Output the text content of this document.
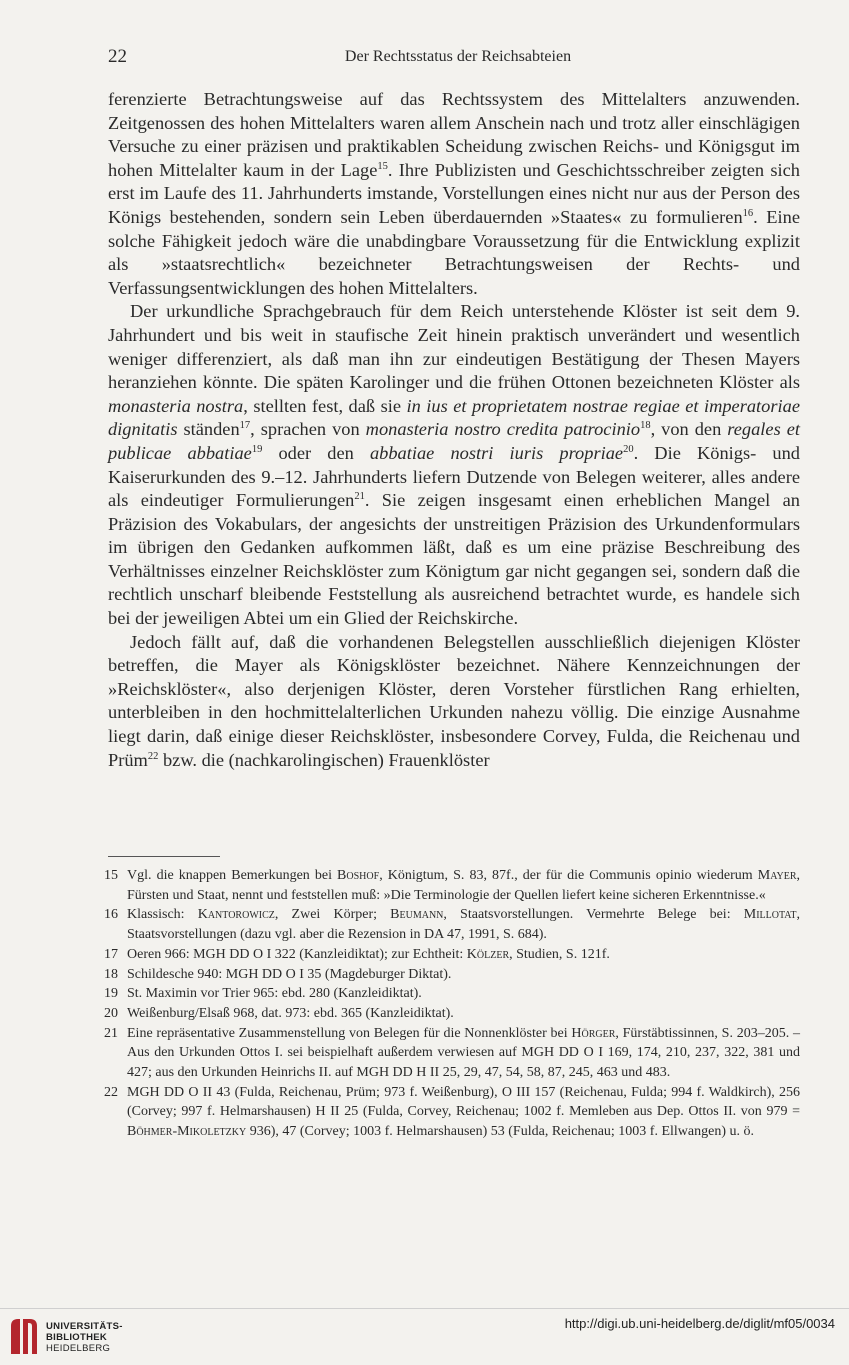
22	Der Rechtsstatus der Reichsabteien

ferenzierte Betrachtungsweise auf das Rechtssystem des Mittelalters anzuwenden. Zeitgenossen des hohen Mittelalters waren allem Anschein nach und trotz aller einschlägigen Versuche zu einer präzisen und praktikablen Scheidung zwischen Reichs- und Königsgut im hohen Mittelalter kaum in der Lage$^{15}$. Ihre Publizisten und Geschichtsschreiber zeigten sich erst im Laufe des 11. Jahrhunderts imstande, Vorstellungen eines nicht nur aus der Person des Königs bestehenden, sondern sein Leben überdauernden »Staates« zu formulieren$^{16}$. Eine solche Fähigkeit jedoch wäre die unabdingbare Voraussetzung für die Entwicklung explizit als »staatsrechtlich« bezeichneter Betrachtungsweisen der Rechts- und Verfassungsentwicklungen des hohen Mittelalters.

Der urkundliche Sprachgebrauch für dem Reich unterstehende Klöster ist seit dem 9. Jahrhundert und bis weit in staufische Zeit hinein praktisch unverändert und wesentlich weniger differenziert, als daß man ihn zur eindeutigen Bestätigung der Thesen Mayers heranziehen könnte. Die späten Karolinger und die frühen Ottonen bezeichneten Klöster als monasteria nostra, stellten fest, daß sie in ius et proprietatem nostrae regiae et imperatoriae dignitatis ständen$^{17}$, sprachen von monasteria nostro credita patrocinio$^{18}$, von den regales et publicae abbatiae$^{19}$ oder den abbatiae nostri iuris propriae$^{20}$. Die Königs- und Kaiserurkunden des 9.–12. Jahrhunderts liefern Dutzende von Belegen weiterer, alles andere als eindeutiger Formulierungen$^{21}$. Sie zeigen insgesamt einen erheblichen Mangel an Präzision des Vokabulars, der angesichts der unstreitigen Präzision des Urkundenformulars im übrigen den Gedanken aufkommen läßt, daß es um eine präzise Beschreibung des Verhältnisses einzelner Reichsklöster zum Königtum gar nicht gegangen sei, sondern daß die rechtlich unscharf bleibende Feststellung als ausreichend betrachtet wurde, es handele sich bei der jeweiligen Abtei um ein Glied der Reichskirche.

Jedoch fällt auf, daß die vorhandenen Belegstellen ausschließlich diejenigen Klöster betreffen, die Mayer als Königsklöster bezeichnet. Nähere Kennzeichnungen der »Reichsklöster«, also derjenigen Klöster, deren Vorsteher fürstlichen Rang erhielten, unterbleiben in den hochmittelalterlichen Urkunden nahezu völlig. Die einzige Ausnahme liegt darin, daß einige dieser Reichsklöster, insbesondere Corvey, Fulda, die Reichenau und Prüm$^{22}$ bzw. die (nachkarolingischen) Frauenklöster

15 Vgl. die knappen Bemerkungen bei Boshof, Königtum, S. 83, 87f., der für die Communis opinio wiederum Mayer, Fürsten und Staat, nennt und feststellen muß: »Die Terminologie der Quellen liefert keine sicheren Erkenntnisse.«
16 Klassisch: Kantorowicz, Zwei Körper; Beumann, Staatsvorstellungen. Vermehrte Belege bei: Millotat, Staatsvorstellungen (dazu vgl. aber die Rezension in DA 47, 1991, S. 684).
17 Oeren 966: MGH DD O I 322 (Kanzleidiktat); zur Echtheit: Kölzer, Studien, S. 121f.
18 Schildesche 940: MGH DD O I 35 (Magdeburger Diktat).
19 St. Maximin vor Trier 965: ebd. 280 (Kanzleidiktat).
20 Weißenburg/Elsaß 968, dat. 973: ebd. 365 (Kanzleidiktat).
21 Eine repräsentative Zusammenstellung von Belegen für die Nonnenklöster bei Hörger, Fürstäbtissinnen, S. 203–205. – Aus den Urkunden Ottos I. sei beispielhaft außerdem verwiesen auf MGH DD O I 169, 174, 210, 237, 322, 381 und 427; aus den Urkunden Heinrichs II. auf MGH DD H II 25, 29, 47, 54, 58, 87, 245, 463 und 483.
22 MGH DD O II 43 (Fulda, Reichenau, Prüm; 973 f. Weißenburg), O III 157 (Reichenau, Fulda; 994 f. Waldkirch), 256 (Corvey; 997 f. Helmarshausen) H II 25 (Fulda, Corvey, Reichenau; 1002 f. Memleben aus Dep. Ottos II. von 979 = Böhmer-Mikoletzky 936), 47 (Corvey; 1003 f. Helmarshausen) 53 (Fulda, Reichenau; 1003 f. Ellwangen) u. ö.
UNIVERSITÄTS-
BIBLIOTHEK
HEIDELBERG
http://digi.ub.uni-heidelberg.de/diglit/mf05/0034
